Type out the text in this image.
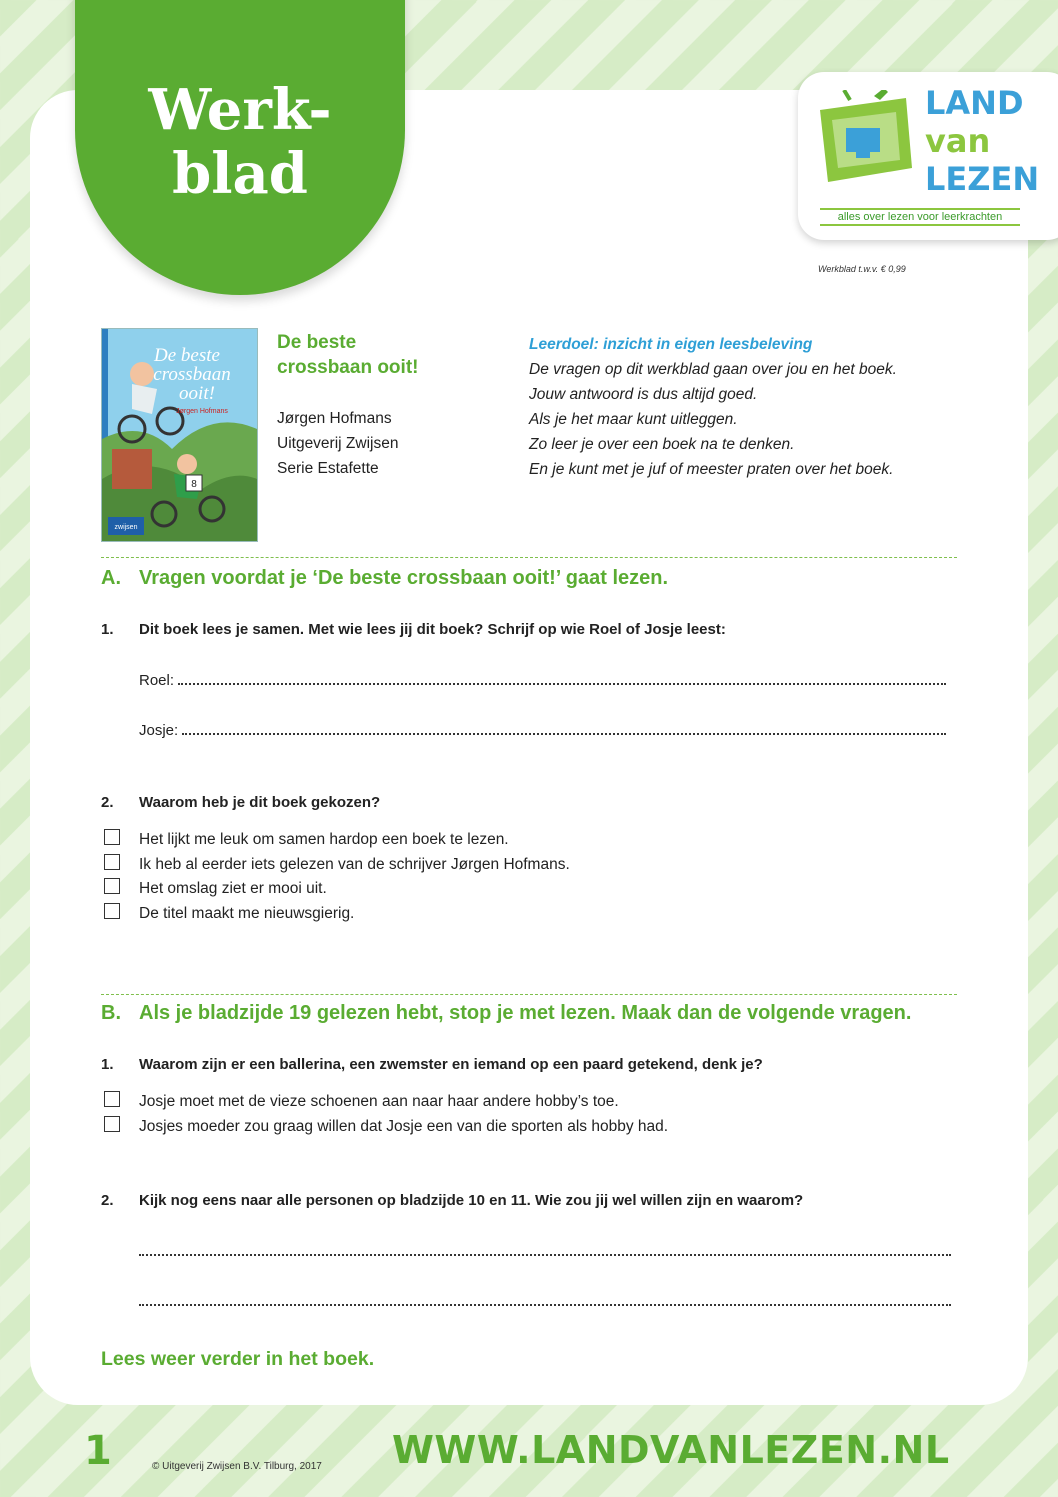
Werk-
blad
LAND
van
LEZEN
alles over lezen voor leerkrachten
Werkblad t.w.v. € 0,99
8
De beste
crossbaan
ooit!
Jørgen Hofmans
zwijsen
De beste
crossbaan ooit!
Jørgen Hofmans
Uitgeverij Zwijsen
Serie Estafette
Leerdoel: inzicht in eigen leesbeleving
De vragen op dit werkblad gaan over jou en het boek.
Jouw antwoord is dus altijd goed.
Als je het maar kunt uitleggen.
Zo leer je over een boek na te denken.
En je kunt met je juf of meester praten over het boek.
A. Vragen voordat je ‘De beste crossbaan ooit!’ gaat lezen.
1. Dit boek lees je samen. Met wie lees jij dit boek? Schrijf op wie Roel of Josje leest:
Roel:
Josje:
2. Waarom heb je dit boek gekozen?
Het lijkt me leuk om samen hardop een boek te lezen.
Ik heb al eerder iets gelezen van de schrijver Jørgen Hofmans.
Het omslag ziet er mooi uit.
De titel maakt me nieuwsgierig.
B. Als je bladzijde 19 gelezen hebt, stop je met lezen. Maak dan de volgende vragen.
1. Waarom zijn er een ballerina, een zwemster en iemand op een paard getekend, denk je?
Josje moet met de vieze schoenen aan naar haar andere hobby’s toe.
Josjes moeder zou graag willen dat Josje een van die sporten als hobby had.
2. Kijk nog eens naar alle personen op bladzijde 10 en 11. Wie zou jij wel willen zijn en waarom?
Lees weer verder in het boek.
1	© Uitgeverij Zwijsen B.V. Tilburg, 2017 WWW.LANDVANLEZEN.NL
